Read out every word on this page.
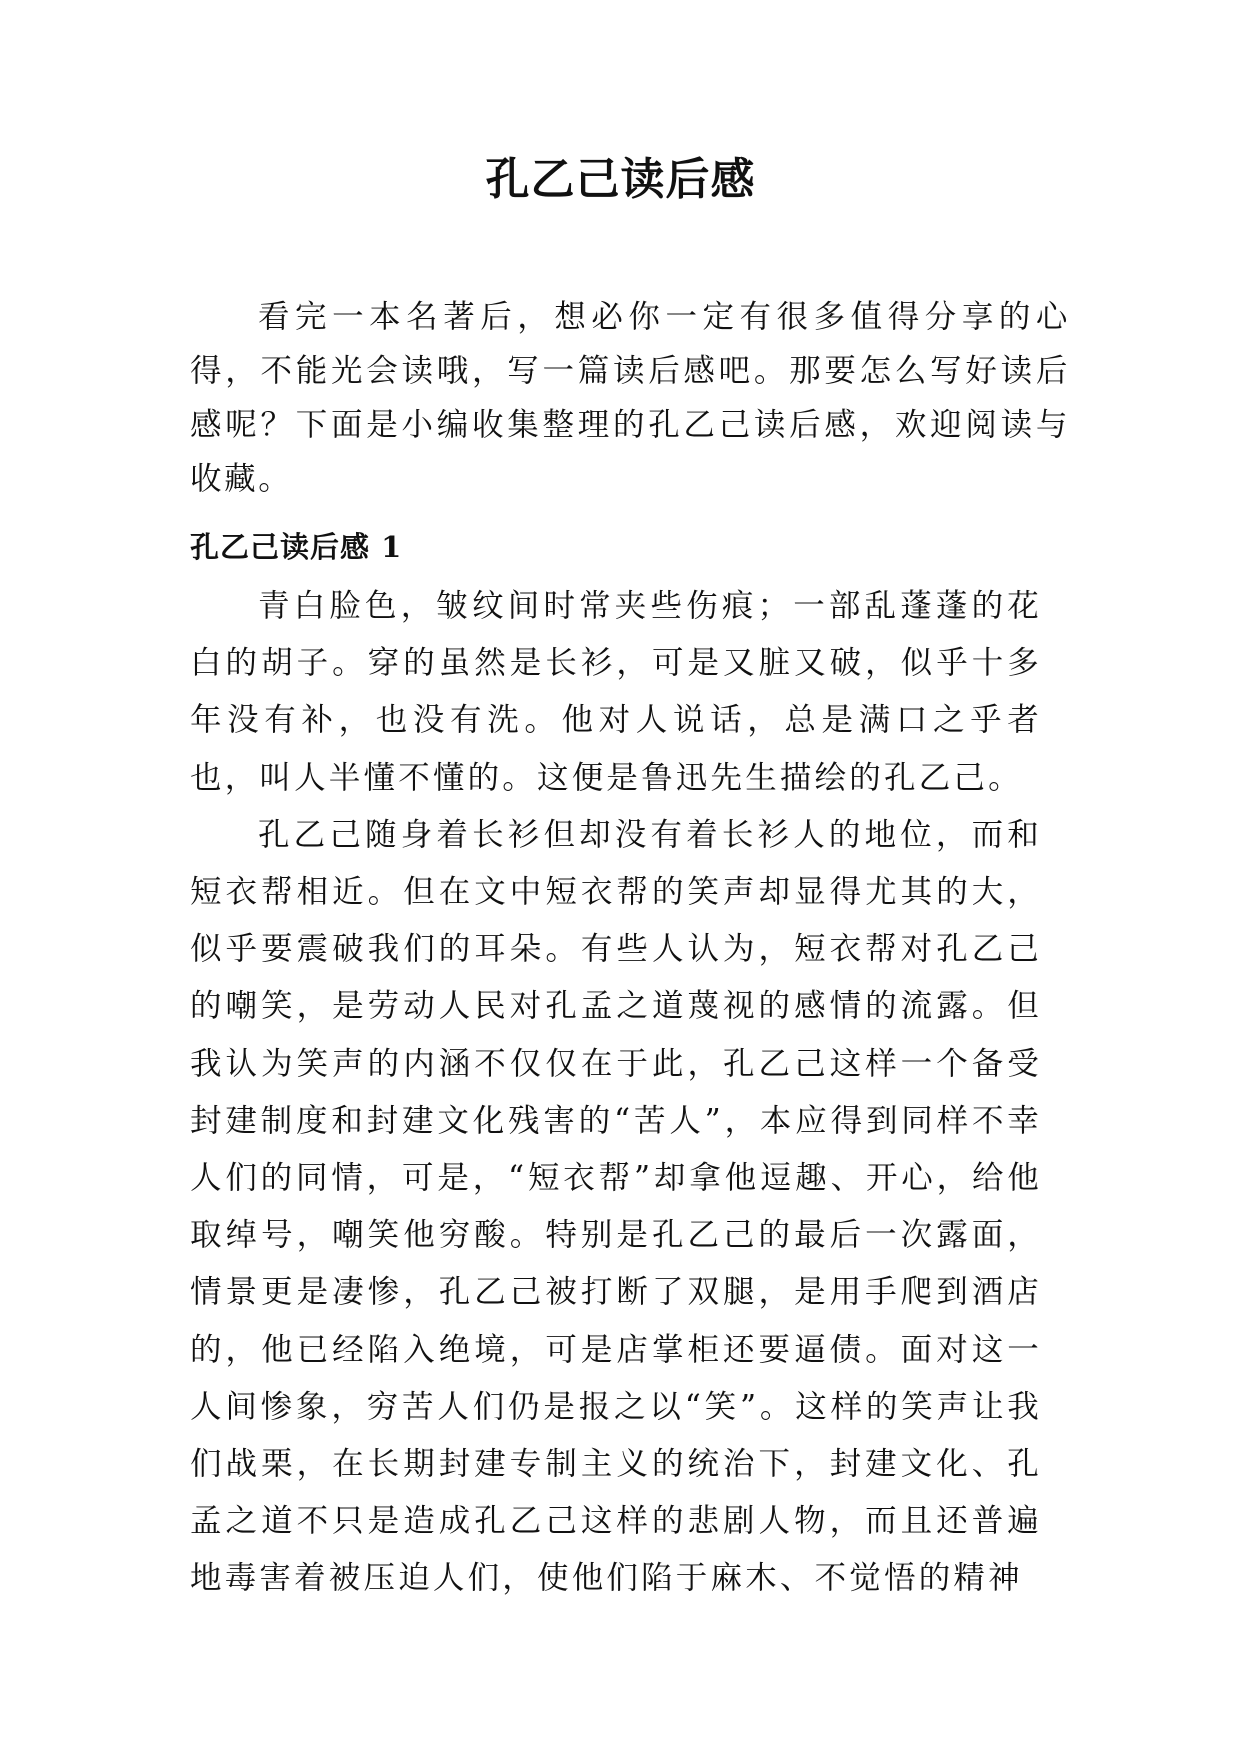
孔乙己读后感

看完一本名著后，想必你一定有很多值得分享的心得，不能光会读哦，写一篇读后感吧。那要怎么写好读后感呢？下面是小编收集整理的孔乙己读后感，欢迎阅读与收藏。

孔乙己读后感 1

青白脸色，皱纹间时常夹些伤痕；一部乱蓬蓬的花白的胡子。穿的虽然是长衫，可是又脏又破，似乎十多年没有补，也没有洗。他对人说话，总是满口之乎者也，叫人半懂不懂的。这便是鲁迅先生描绘的孔乙己。

孔乙己随身着长衫但却没有着长衫人的地位，而和短衣帮相近。但在文中短衣帮的笑声却显得尤其的大，似乎要震破我们的耳朵。有些人认为，短衣帮对孔乙己的嘲笑，是劳动人民对孔孟之道蔑视的感情的流露。但我认为笑声的内涵不仅仅在于此，孔乙己这样一个备受封建制度和封建文化残害的“苦人”，本应得到同样不幸人们的同情，可是，“短衣帮”却拿他逗趣、开心，给他取绰号，嘲笑他穷酸。特别是孔乙己的最后一次露面，情景更是凄惨，孔乙己被打断了双腿，是用手爬到酒店的，他已经陷入绝境，可是店掌柜还要逼债。面对这一人间惨象，穷苦人们仍是报之以“笑”。这样的笑声让我们战栗，在长期封建专制主义的统治下，封建文化、孔孟之道不只是造成孔乙己这样的悲剧人物，而且还普遍地毒害着被压迫人们，使他们陷于麻木、不觉悟的精神
